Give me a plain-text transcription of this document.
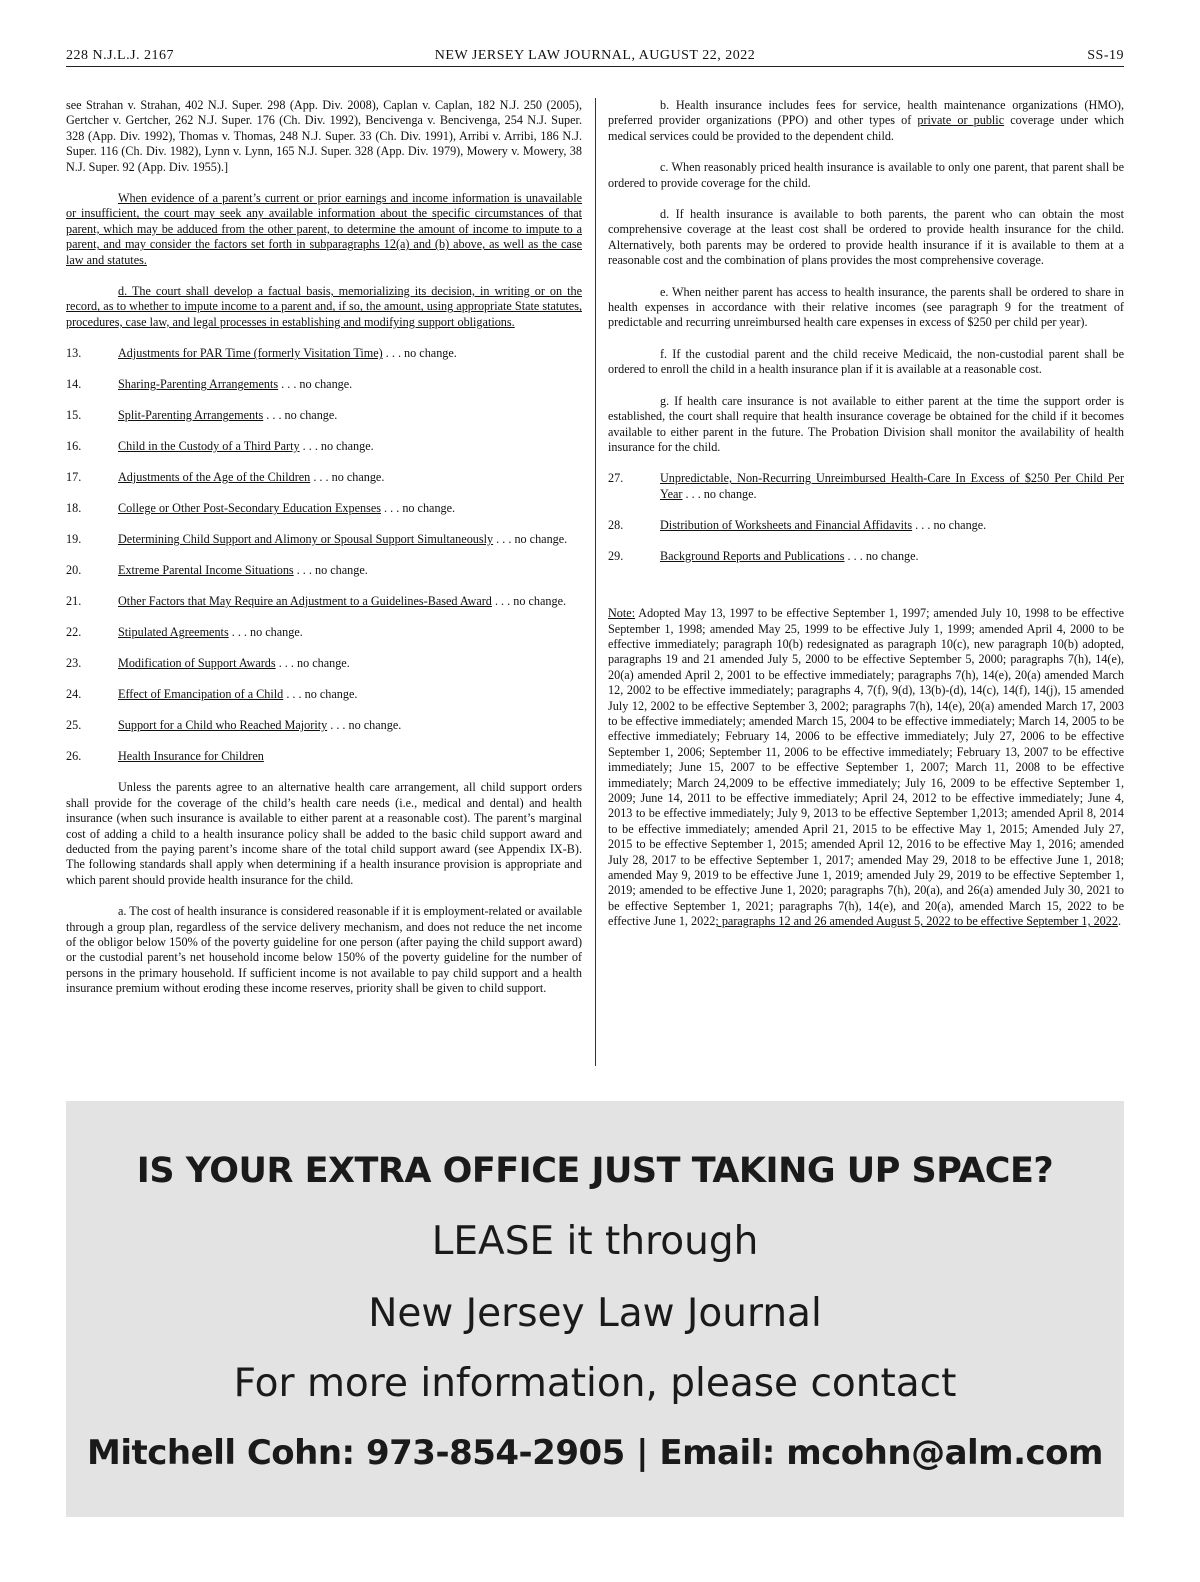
228 N.J.L.J. 2167	NEW JERSEY LAW JOURNAL, AUGUST 22, 2022	SS-19

see Strahan v. Strahan, 402 N.J. Super. 298 (App. Div. 2008), Caplan v. Caplan, 182 N.J. 250 (2005), Gertcher v. Gertcher, 262 N.J. Super. 176 (Ch. Div. 1992), Bencivenga v. Bencivenga, 254 N.J. Super. 328 (App. Div. 1992), Thomas v. Thomas, 248 N.J. Super. 33 (Ch. Div. 1991), Arribi v. Arribi, 186 N.J. Super. 116 (Ch. Div. 1982), Lynn v. Lynn, 165 N.J. Super. 328 (App. Div. 1979), Mowery v. Mowery, 38 N.J. Super. 92 (App. Div. 1955).]

When evidence of a parent’s current or prior earnings and income information is unavailable or insufficient, the court may seek any available information about the specific circumstances of that parent, which may be adduced from the other parent, to determine the amount of income to impute to a parent, and may consider the factors set forth in subparagraphs 12(a) and (b) above, as well as the case law and statutes.

d. The court shall develop a factual basis, memorializing its decision, in writing or on the record, as to whether to impute income to a parent and, if so, the amount, using appropriate State statutes, procedures, case law, and legal processes in establishing and modifying support obligations.

13.	Adjustments for PAR Time (formerly Visitation Time) . . . no change.
14.	Sharing-Parenting Arrangements . . . no change.
15.	Split-Parenting Arrangements . . . no change.
16.	Child in the Custody of a Third Party . . . no change.
17.	Adjustments of the Age of the Children . . . no change.
18.	College or Other Post-Secondary Education Expenses . . . no change.
19.	Determining Child Support and Alimony or Spousal Support Simultaneously . . . no change.
20.	Extreme Parental Income Situations . . . no change.
21.	Other Factors that May Require an Adjustment to a Guidelines-Based Award . . . no change.
22.	Stipulated Agreements . . . no change.
23.	Modification of Support Awards . . . no change.
24.	Effect of Emancipation of a Child . . . no change.
25.	Support for a Child who Reached Majority . . . no change.
26.	Health Insurance for Children

Unless the parents agree to an alternative health care arrangement, all child support orders shall provide for the coverage of the child’s health care needs (i.e., medical and dental) and health insurance (when such insurance is available to either parent at a reasonable cost). The parent’s marginal cost of adding a child to a health insurance policy shall be added to the basic child support award and deducted from the paying parent’s income share of the total child support award (see Appendix IX-B). The following standards shall apply when determining if a health insurance provision is appropriate and which parent should provide health insurance for the child.

a. The cost of health insurance is considered reasonable if it is employment-related or available through a group plan, regardless of the service delivery mechanism, and does not reduce the net income of the obligor below 150% of the poverty guideline for one person (after paying the child support award) or the custodial parent’s net household income below 150% of the poverty guideline for the number of persons in the primary household. If sufficient income is not available to pay child support and a health insurance premium without eroding these income reserves, priority shall be given to child support.

b. Health insurance includes fees for service, health maintenance organizations (HMO), preferred provider organizations (PPO) and other types of private or public coverage under which medical services could be provided to the dependent child.

c. When reasonably priced health insurance is available to only one parent, that parent shall be ordered to provide coverage for the child.

d. If health insurance is available to both parents, the parent who can obtain the most comprehensive coverage at the least cost shall be ordered to provide health insurance for the child. Alternatively, both parents may be ordered to provide health insurance if it is available to them at a reasonable cost and the combination of plans provides the most comprehensive coverage.

e. When neither parent has access to health insurance, the parents shall be ordered to share in health expenses in accordance with their relative incomes (see paragraph 9 for the treatment of predictable and recurring unreimbursed health care expenses in excess of $250 per child per year).

f. If the custodial parent and the child receive Medicaid, the non-custodial parent shall be ordered to enroll the child in a health insurance plan if it is available at a reasonable cost.

g. If health care insurance is not available to either parent at the time the support order is established, the court shall require that health insurance coverage be obtained for the child if it becomes available to either parent in the future. The Probation Division shall monitor the availability of health insurance for the child.

27.	Unpredictable, Non-Recurring Unreimbursed Health-Care In Excess of $250 Per Child Per Year . . . no change.
28.	Distribution of Worksheets and Financial Affidavits . . . no change.
29.	Background Reports and Publications . . . no change.

Note: Adopted May 13, 1997 to be effective September 1, 1997; amended July 10, 1998 to be effective September 1, 1998; amended May 25, 1999 to be effective July 1, 1999; amended April 4, 2000 to be effective immediately; paragraph 10(b) redesignated as paragraph 10(c), new paragraph 10(b) adopted, paragraphs 19 and 21 amended July 5, 2000 to be effective September 5, 2000; paragraphs 7(h), 14(e), 20(a) amended April 2, 2001 to be effective immediately; paragraphs 7(h), 14(e), 20(a) amended March 12, 2002 to be effective immediately; paragraphs 4, 7(f), 9(d), 13(b)-(d), 14(c), 14(f), 14(j), 15 amended July 12, 2002 to be effective September 3, 2002; paragraphs 7(h), 14(e), 20(a) amended March 17, 2003 to be effective immediately; amended March 15, 2004 to be effective immediately; March 14, 2005 to be effective immediately; February 14, 2006 to be effective immediately; July 27, 2006 to be effective September 1, 2006; September 11, 2006 to be effective immediately; February 13, 2007 to be effective immediately; June 15, 2007 to be effective September 1, 2007; March 11, 2008 to be effective immediately; March 24,2009 to be effective immediately; July 16, 2009 to be effective September 1, 2009; June 14, 2011 to be effective immediately; April 24, 2012 to be effective immediately; June 4, 2013 to be effective immediately; July 9, 2013 to be effective September 1,2013; amended April 8, 2014 to be effective immediately; amended April 21, 2015 to be effective May 1, 2015; Amended July 27, 2015 to be effective September 1, 2015; amended April 12, 2016 to be effective May 1, 2016; amended July 28, 2017 to be effective September 1, 2017; amended May 29, 2018 to be effective June 1, 2018; amended May 9, 2019 to be effective June 1, 2019; amended July 29, 2019 to be effective September 1, 2019; amended to be effective June 1, 2020; paragraphs 7(h), 20(a), and 26(a) amended July 30, 2021 to be effective September 1, 2021; paragraphs 7(h), 14(e), and 20(a), amended March 15, 2022 to be effective June 1, 2022; paragraphs 12 and 26 amended August 5, 2022 to be effective September 1, 2022.

IS YOUR EXTRA OFFICE JUST TAKING UP SPACE?
LEASE it through
New Jersey Law Journal
For more information, please contact
Mitchell Cohn: 973-854-2905 | Email: mcohn@alm.com
